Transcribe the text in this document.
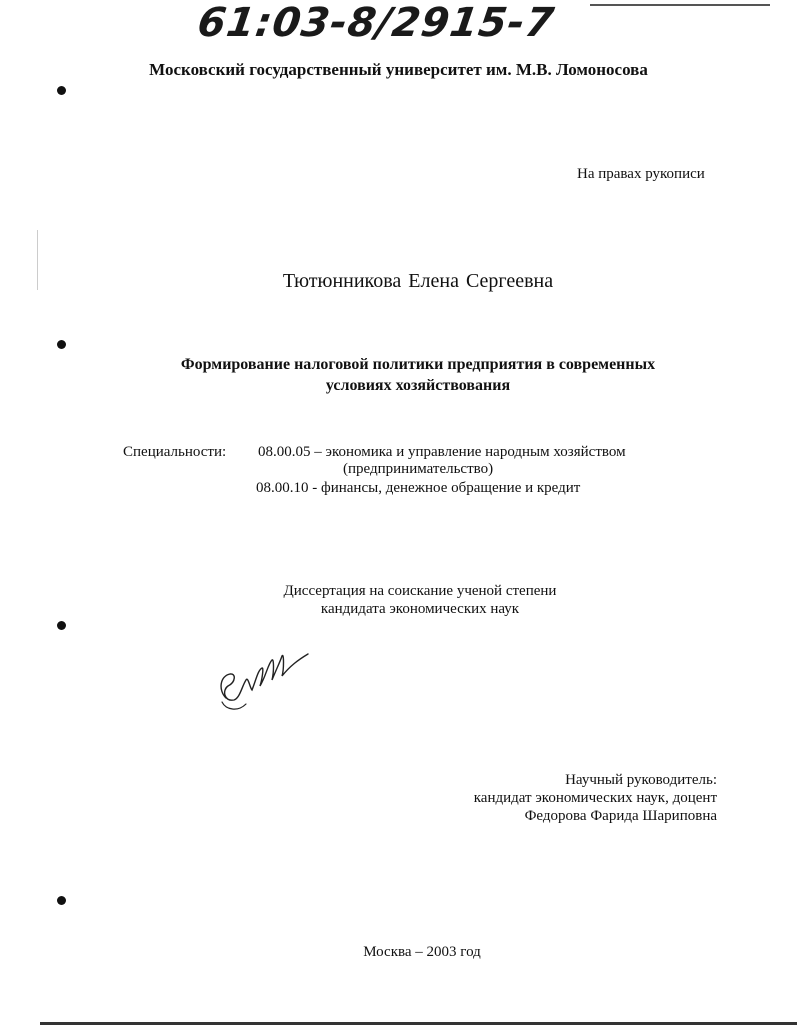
61:03-8/2915-7
Московский государственный университет им. М.В. Ломоносова
На правах рукописи
Тютюнникова Елена Сергеевна
Формирование налоговой политики предприятия в современных
условиях хозяйствования
Специальности: 08.00.05 – экономика и управление народным хозяйством
(предпринимательство)
08.00.10 - финансы, денежное обращение и кредит
Диссертация на соискание ученой степени
кандидата экономических наук
Научный руководитель:
кандидат экономических наук, доцент
Федорова Фарида Шариповна
Москва – 2003 год
